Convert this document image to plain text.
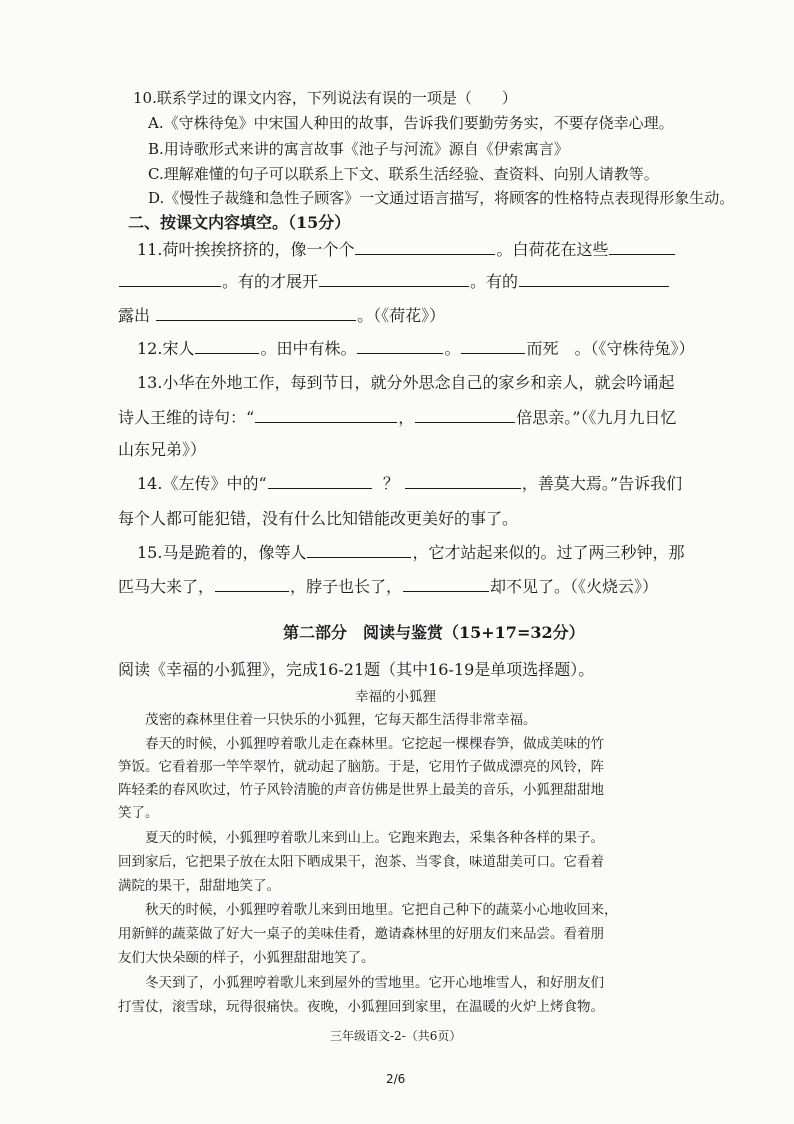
10.联系学过的课文内容，下列说法有误的一项是（　　）
A.《守株待兔》中宋国人种田的故事，告诉我们要勤劳务实，不要存侥幸心理。
B.用诗歌形式来讲的寓言故事《池子与河流》源自《伊索寓言》
C.理解难懂的句子可以联系上下文、联系生活经验、查资料、向别人请教等。
D.《慢性子裁缝和急性子顾客》一文通过语言描写，将顾客的性格特点表现得形象生动。
二、按课文内容填空。（15分）
11.荷叶挨挨挤挤的，像一个个	。白荷花在这些
。有的才展开	。有的
露出	。（《荷花》）
12.宋人	。田中有株。	。	而死　。（《守株待兔》）
13.小华在外地工作，每到节日，就分外思念自己的家乡和亲人，就会吟诵起
诗人王维的诗句：“	，	倍思亲。”（《九月九日忆
山东兄弟》）
14.《左传》中的“	？	，善莫大焉。”告诉我们
每个人都可能犯错，没有什么比知错能改更美好的事了。
15.马是跪着的，像等人	，它才站起来似的。过了两三秒钟，那
匹马大来了，	，脖子也长了，	却不见了。（《火烧云》）
第二部分　阅读与鉴赏（15+17=32分）
阅读《幸福的小狐狸》，完成16-21题（其中16-19是单项选择题）。
幸福的小狐狸
　　茂密的森林里住着一只快乐的小狐狸，它每天都生活得非常幸福。
　　春天的时候，小狐狸哼着歌儿走在森林里。它挖起一棵棵春笋，做成美味的竹
笋饭。它看着那一竿竿翠竹，就动起了脑筋。于是，它用竹子做成漂亮的风铃，阵
阵轻柔的春风吹过，竹子风铃清脆的声音仿佛是世界上最美的音乐，小狐狸甜甜地
笑了。
　　夏天的时候，小狐狸哼着歌儿来到山上。它跑来跑去，采集各种各样的果子。
回到家后，它把果子放在太阳下晒成果干，泡茶、当零食，味道甜美可口。它看着
满院的果干，甜甜地笑了。
　　秋天的时候，小狐狸哼着歌儿来到田地里。它把自己种下的蔬菜小心地收回来，
用新鲜的蔬菜做了好大一桌子的美味佳肴，邀请森林里的好朋友们来品尝。看着朋
友们大快朵颐的样子，小狐狸甜甜地笑了。
　　冬天到了，小狐狸哼着歌儿来到屋外的雪地里。它开心地堆雪人，和好朋友们
打雪仗，滚雪球，玩得很痛快。夜晚，小狐狸回到家里，在温暖的火炉上烤食物。
三年级语文-2-（共6页）
2/6
